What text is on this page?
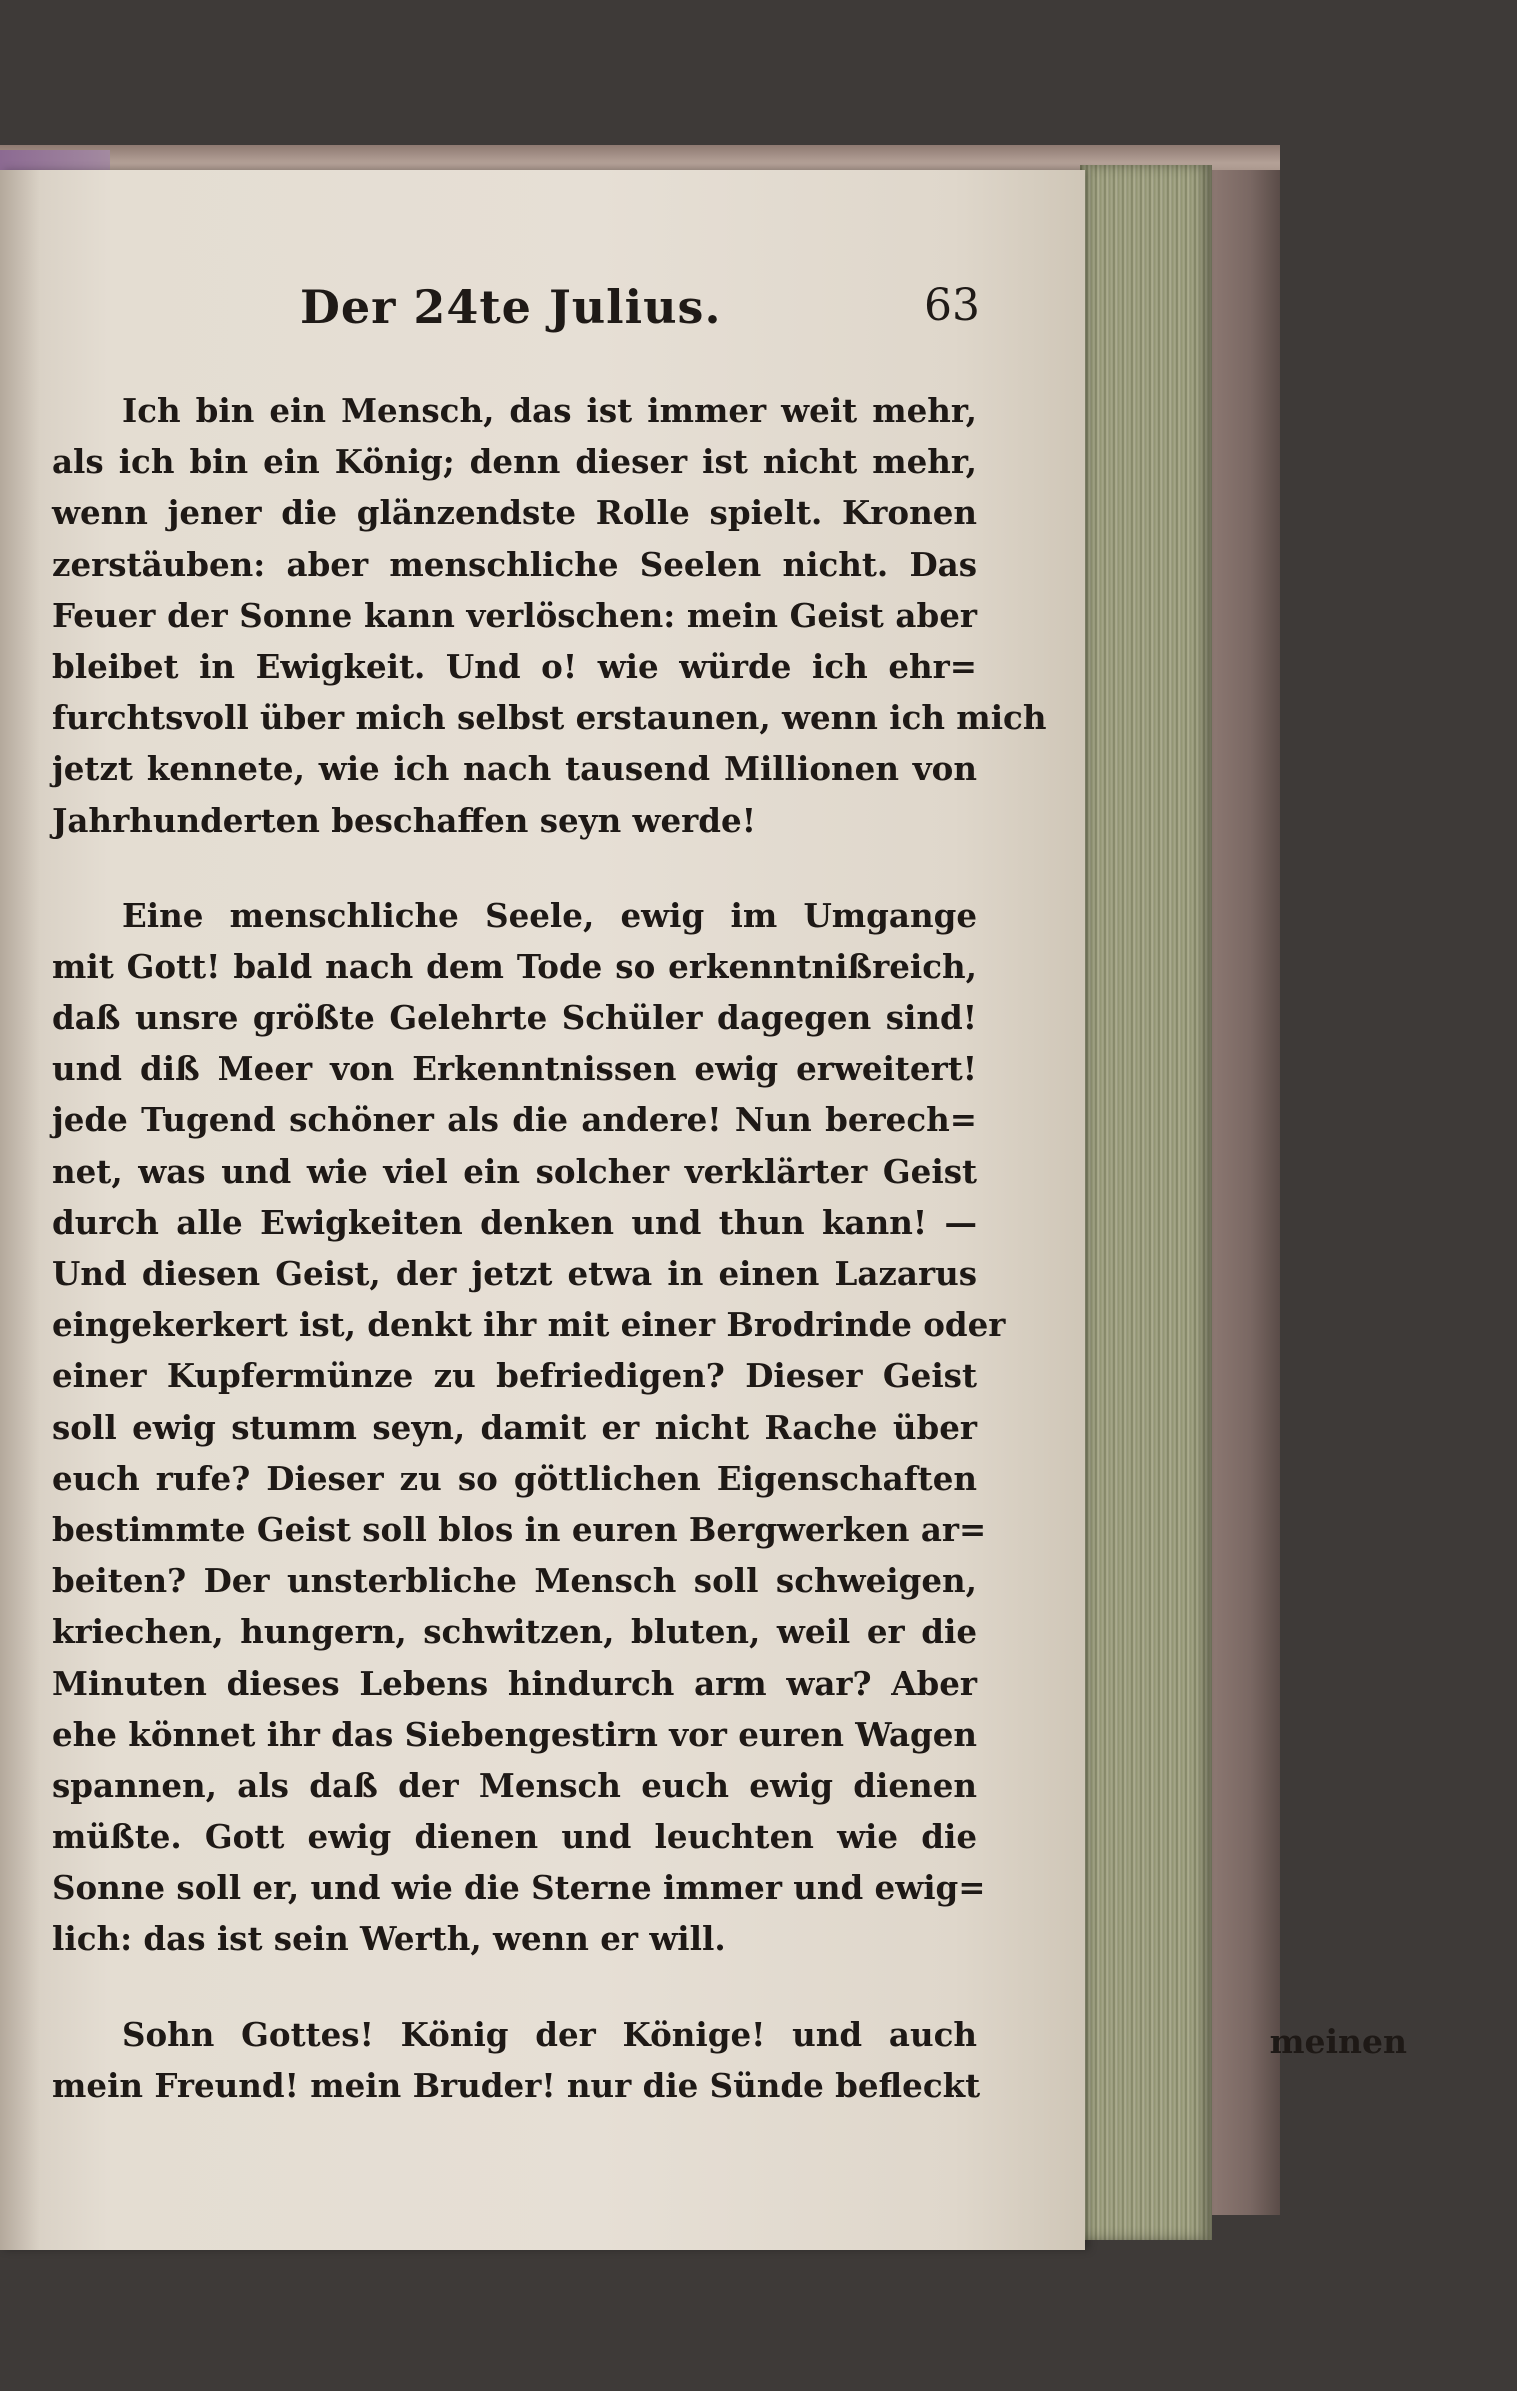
Der 24te Julius.	63
Ich bin ein Mensch, das ist immer weit mehr,
als ich bin ein König; denn dieser ist nicht mehr,
wenn jener die glänzendste Rolle spielt. Kronen
zerstäuben: aber menschliche Seelen nicht. Das
Feuer der Sonne kann verlöschen: mein Geist aber
bleibet in Ewigkeit. Und o! wie würde ich ehr=
furchtsvoll über mich selbst erstaunen, wenn ich mich
jetzt kennete, wie ich nach tausend Millionen von
Jahrhunderten beschaffen seyn werde!
Eine menschliche Seele, ewig im Umgange
mit Gott! bald nach dem Tode so erkenntnißreich,
daß unsre größte Gelehrte Schüler dagegen sind!
und diß Meer von Erkenntnissen ewig erweitert!
jede Tugend schöner als die andere! Nun berech=
net, was und wie viel ein solcher verklärter Geist
durch alle Ewigkeiten denken und thun kann! —
Und diesen Geist, der jetzt etwa in einen Lazarus
eingekerkert ist, denkt ihr mit einer Brodrinde oder
einer Kupfermünze zu befriedigen? Dieser Geist
soll ewig stumm seyn, damit er nicht Rache über
euch rufe? Dieser zu so göttlichen Eigenschaften
bestimmte Geist soll blos in euren Bergwerken ar=
beiten? Der unsterbliche Mensch soll schweigen,
kriechen, hungern, schwitzen, bluten, weil er die
Minuten dieses Lebens hindurch arm war? Aber
ehe könnet ihr das Siebengestirn vor euren Wagen
spannen, als daß der Mensch euch ewig dienen
müßte. Gott ewig dienen und leuchten wie die
Sonne soll er, und wie die Sterne immer und ewig=
lich: das ist sein Werth, wenn er will.
Sohn Gottes! König der Könige! und auch
mein Freund! mein Bruder! nur die Sünde befleckt
meinen
